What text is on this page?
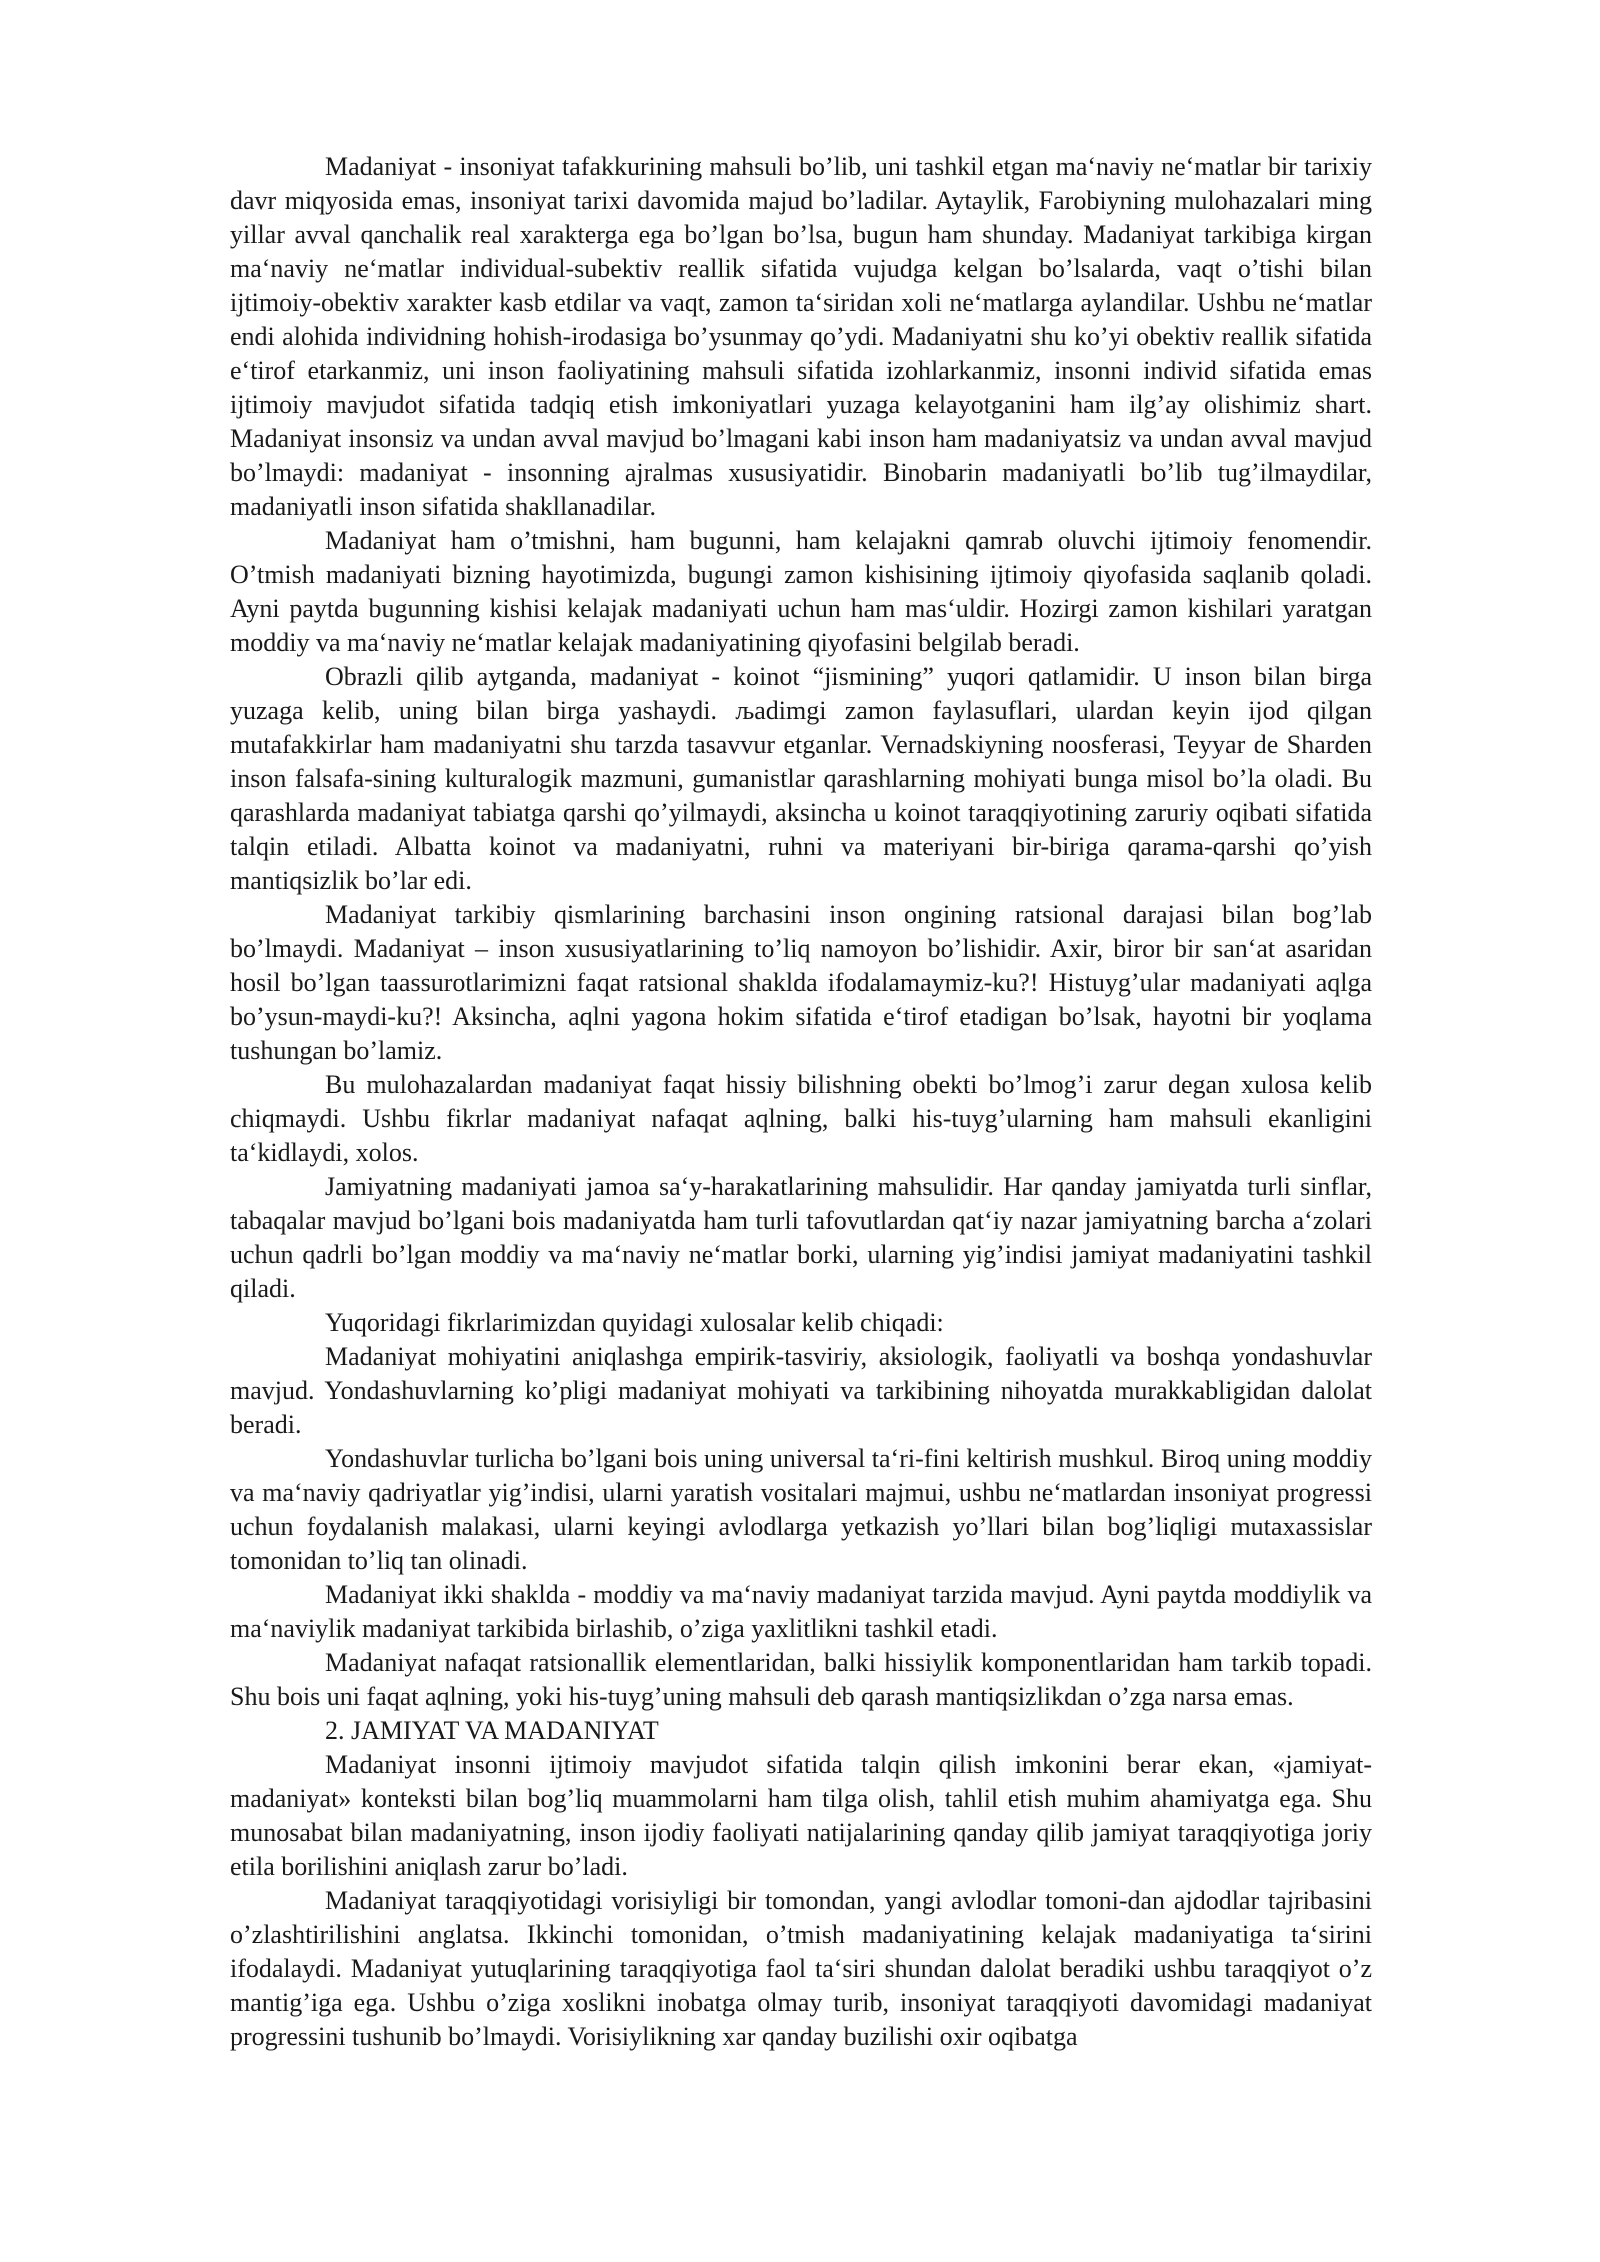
Madaniyat - insoniyat tafakkurining mahsuli bo’lib, uni tashkil etgan ma‘naviy ne‘matlar bir tarixiy davr miqyosida emas, insoniyat tarixi davomida majud bo’ladilar. Aytaylik, Farobiyning mulohazalari ming yillar avval qanchalik real xarakterga ega bo’lgan bo’lsa, bugun ham shunday. Madaniyat tarkibiga kirgan ma‘naviy ne‘matlar individual-subektiv reallik sifatida vujudga kelgan bo’lsalarda, vaqt o’tishi bilan ijtimoiy-obektiv xarakter kasb etdilar va vaqt, zamon ta‘siridan xoli ne‘matlarga aylandilar. Ushbu ne‘matlar endi alohida individning hohish-irodasiga bo’ysunmay qo’ydi. Madaniyatni shu ko’yi obektiv reallik sifatida e‘tirof etarkanmiz, uni inson faoliyatining mahsuli sifatida izohlarkanmiz, insonni individ sifatida emas ijtimoiy mavjudot sifatida tadqiq etish imkoniyatlari yuzaga kelayotganini ham ilg’ay olishimiz shart. Madaniyat insonsiz va undan avval mavjud bo’lmagani kabi inson ham madaniyatsiz va undan avval mavjud bo’lmaydi: madaniyat - insonning ajralmas xususiyatidir. Binobarin madaniyatli bo’lib tug’ilmaydilar, madaniyatli inson sifatida shakllanadilar.

Madaniyat ham o’tmishni, ham bugunni, ham kelajakni qamrab oluvchi ijtimoiy fenomendir. O’tmish madaniyati bizning hayotimizda, bugungi zamon kishisining ijtimoiy qiyofasida saqlanib qoladi. Ayni paytda bugunning kishisi kelajak madaniyati uchun ham mas‘uldir. Hozirgi zamon kishilari yaratgan moddiy va ma‘naviy ne‘matlar kelajak madaniyatining qiyofasini belgilab beradi.

Obrazli qilib aytganda, madaniyat - koinot “jismining” yuqori qatlamidir. U inson bilan birga yuzaga kelib, uning bilan birga yashaydi. љadimgi zamon faylasuflari, ulardan keyin ijod qilgan mutafakkirlar ham madaniyatni shu tarzda tasavvur etganlar. Vernadskiyning noosferasi, Teyyar de Sharden inson falsafa-sining kulturalogik mazmuni, gumanistlar qarashlarning mohiyati bunga misol bo’la oladi. Bu qarashlarda madaniyat tabiatga qarshi qo’yilmaydi, aksincha u koinot taraqqiyotining zaruriy oqibati sifatida talqin etiladi. Albatta koinot va madaniyatni, ruhni va materiyani bir-biriga qarama-qarshi qo’yish mantiqsizlik bo’lar edi.

Madaniyat tarkibiy qismlarining barchasini inson ongining ratsional darajasi bilan bog’lab bo’lmaydi. Madaniyat – inson xususiyatlarining to’liq namoyon bo’lishidir. Axir, biror bir san‘at asaridan hosil bo’lgan taassurotlarimizni faqat ratsional shaklda ifodalamaymiz-ku?! Histuyg’ular madaniyati aqlga bo’ysun-maydi-ku?! Aksincha, aqlni yagona hokim sifatida e‘tirof etadigan bo’lsak, hayotni bir yoqlama tushungan bo’lamiz.

Bu mulohazalardan madaniyat faqat hissiy bilishning obekti bo’lmog’i zarur degan xulosa kelib chiqmaydi. Ushbu fikrlar madaniyat nafaqat aqlning, balki his-tuyg’ularning ham mahsuli ekanligini ta‘kidlaydi, xolos.

Jamiyatning madaniyati jamoa sa‘y-harakatlarining mahsulidir. Har qanday jamiyatda turli sinflar, tabaqalar mavjud bo’lgani bois madaniyatda ham turli tafovutlardan qat‘iy nazar jamiyatning barcha a‘zolari uchun qadrli bo’lgan moddiy va ma‘naviy ne‘matlar borki, ularning yig’indisi jamiyat madaniyatini tashkil qiladi.

Yuqoridagi fikrlarimizdan quyidagi xulosalar kelib chiqadi:

Madaniyat mohiyatini aniqlashga empirik-tasviriy, aksiologik, faoliyatli va boshqa yondashuvlar mavjud. Yondashuvlarning ko’pligi madaniyat mohiyati va tarkibining nihoyatda murakkabligidan dalolat beradi.

Yondashuvlar turlicha bo’lgani bois uning universal ta‘ri-fini keltirish mushkul. Biroq uning moddiy va ma‘naviy qadriyatlar yig’indisi, ularni yaratish vositalari majmui, ushbu ne‘matlardan insoniyat progressi uchun foydalanish malakasi, ularni keyingi avlodlarga yetkazish yo’llari bilan bog’liqligi mutaxassislar tomonidan to’liq tan olinadi.

Madaniyat ikki shaklda - moddiy va ma‘naviy madaniyat tarzida mavjud. Ayni paytda moddiylik va ma‘naviylik madaniyat tarkibida birlashib, o’ziga yaxlitlikni tashkil etadi.

Madaniyat nafaqat ratsionallik elementlaridan, balki hissiylik komponentlaridan ham tarkib topadi. Shu bois uni faqat aqlning, yoki his-tuyg’uning mahsuli deb qarash mantiqsizlikdan o’zga narsa emas.

2. JAMIYAT VA MADANIYAT

Madaniyat insonni ijtimoiy mavjudot sifatida talqin qilish imkonini berar ekan, «jamiyat-madaniyat» konteksti bilan bog’liq muammolarni ham tilga olish, tahlil etish muhim ahamiyatga ega. Shu munosabat bilan madaniyatning, inson ijodiy faoliyati natijalarining qanday qilib jamiyat taraqqiyotiga joriy etila borilishini aniqlash zarur bo’ladi.

Madaniyat taraqqiyotidagi vorisiyligi bir tomondan, yangi avlodlar tomoni-dan ajdodlar tajribasini o’zlashtirilishini anglatsa. Ikkinchi tomonidan, o’tmish madaniyatining kelajak madaniyatiga ta‘sirini ifodalaydi. Madaniyat yutuqlarining taraqqiyotiga faol ta‘siri shundan dalolat beradiki ushbu taraqqiyot o’z mantig’iga ega. Ushbu o’ziga xoslikni inobatga olmay turib, insoniyat taraqqiyoti davomidagi madaniyat progressini tushunib bo’lmaydi. Vorisiylikning xar qanday buzilishi oxir oqibatga
